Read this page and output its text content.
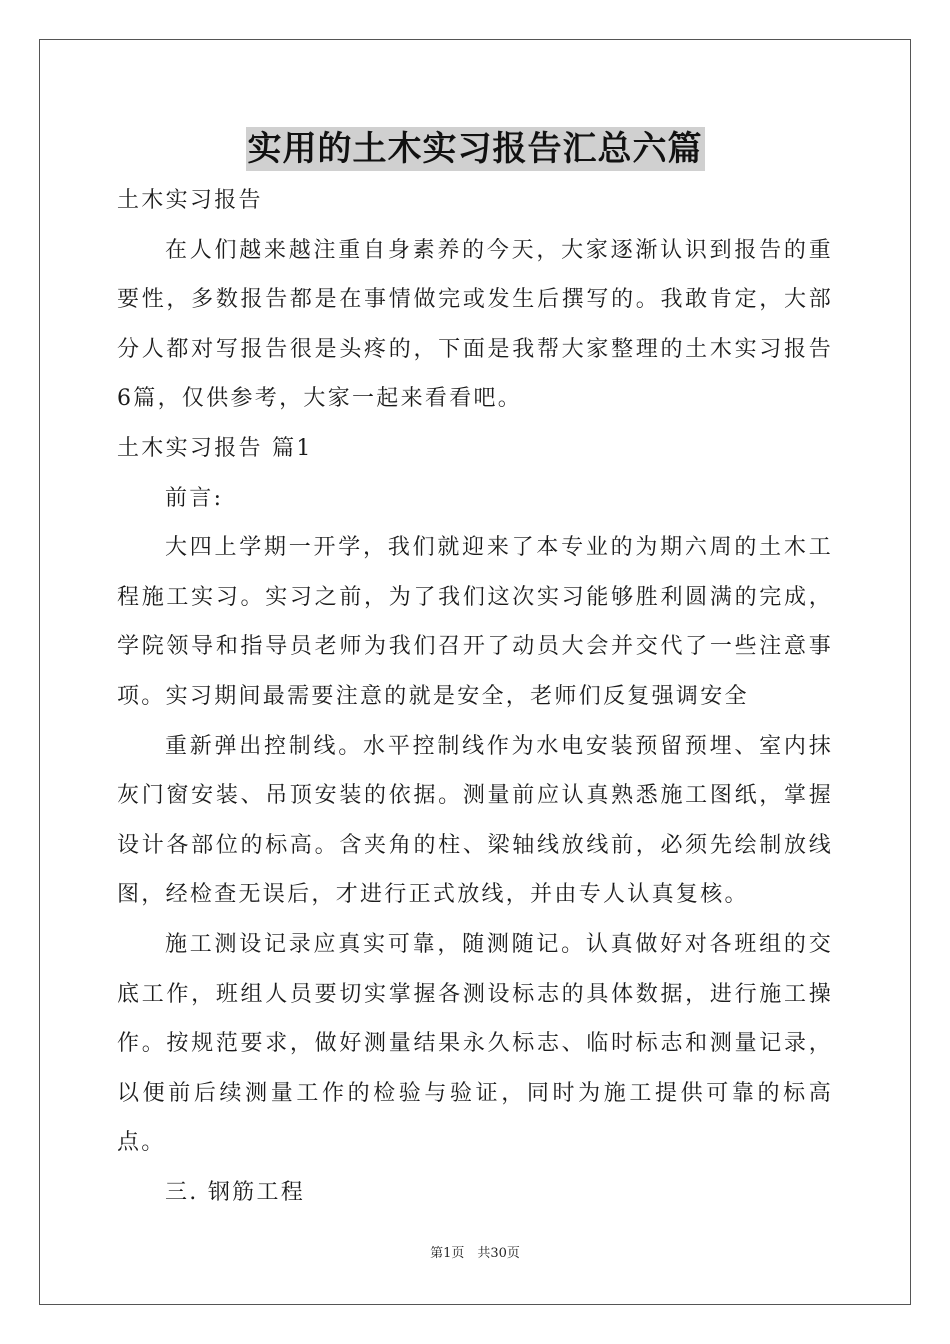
实用的土木实习报告汇总六篇

土木实习报告

在人们越来越注重自身素养的今天，大家逐渐认识到报告的重要性，多数报告都是在事情做完或发生后撰写的。我敢肯定，大部分人都对写报告很是头疼的，下面是我帮大家整理的土木实习报告6篇，仅供参考，大家一起来看看吧。

土木实习报告 篇1

前言:

大四上学期一开学，我们就迎来了本专业的为期六周的土木工程施工实习。实习之前，为了我们这次实习能够胜利圆满的完成，学院领导和指导员老师为我们召开了动员大会并交代了一些注意事项。实习期间最需要注意的就是安全，老师们反复强调安全

重新弹出控制线。水平控制线作为水电安装预留预埋、室内抹灰门窗安装、吊顶安装的依据。测量前应认真熟悉施工图纸，掌握设计各部位的标高。含夹角的柱、梁轴线放线前，必须先绘制放线图，经检查无误后，才进行正式放线，并由专人认真复核。

施工测设记录应真实可靠，随测随记。认真做好对各班组的交底工作，班组人员要切实掌握各测设标志的具体数据，进行施工操作。按规范要求，做好测量结果永久标志、临时标志和测量记录，以便前后续测量工作的检验与验证，同时为施工提供可靠的标高点。

三. 钢筋工程

第1页　共30页
